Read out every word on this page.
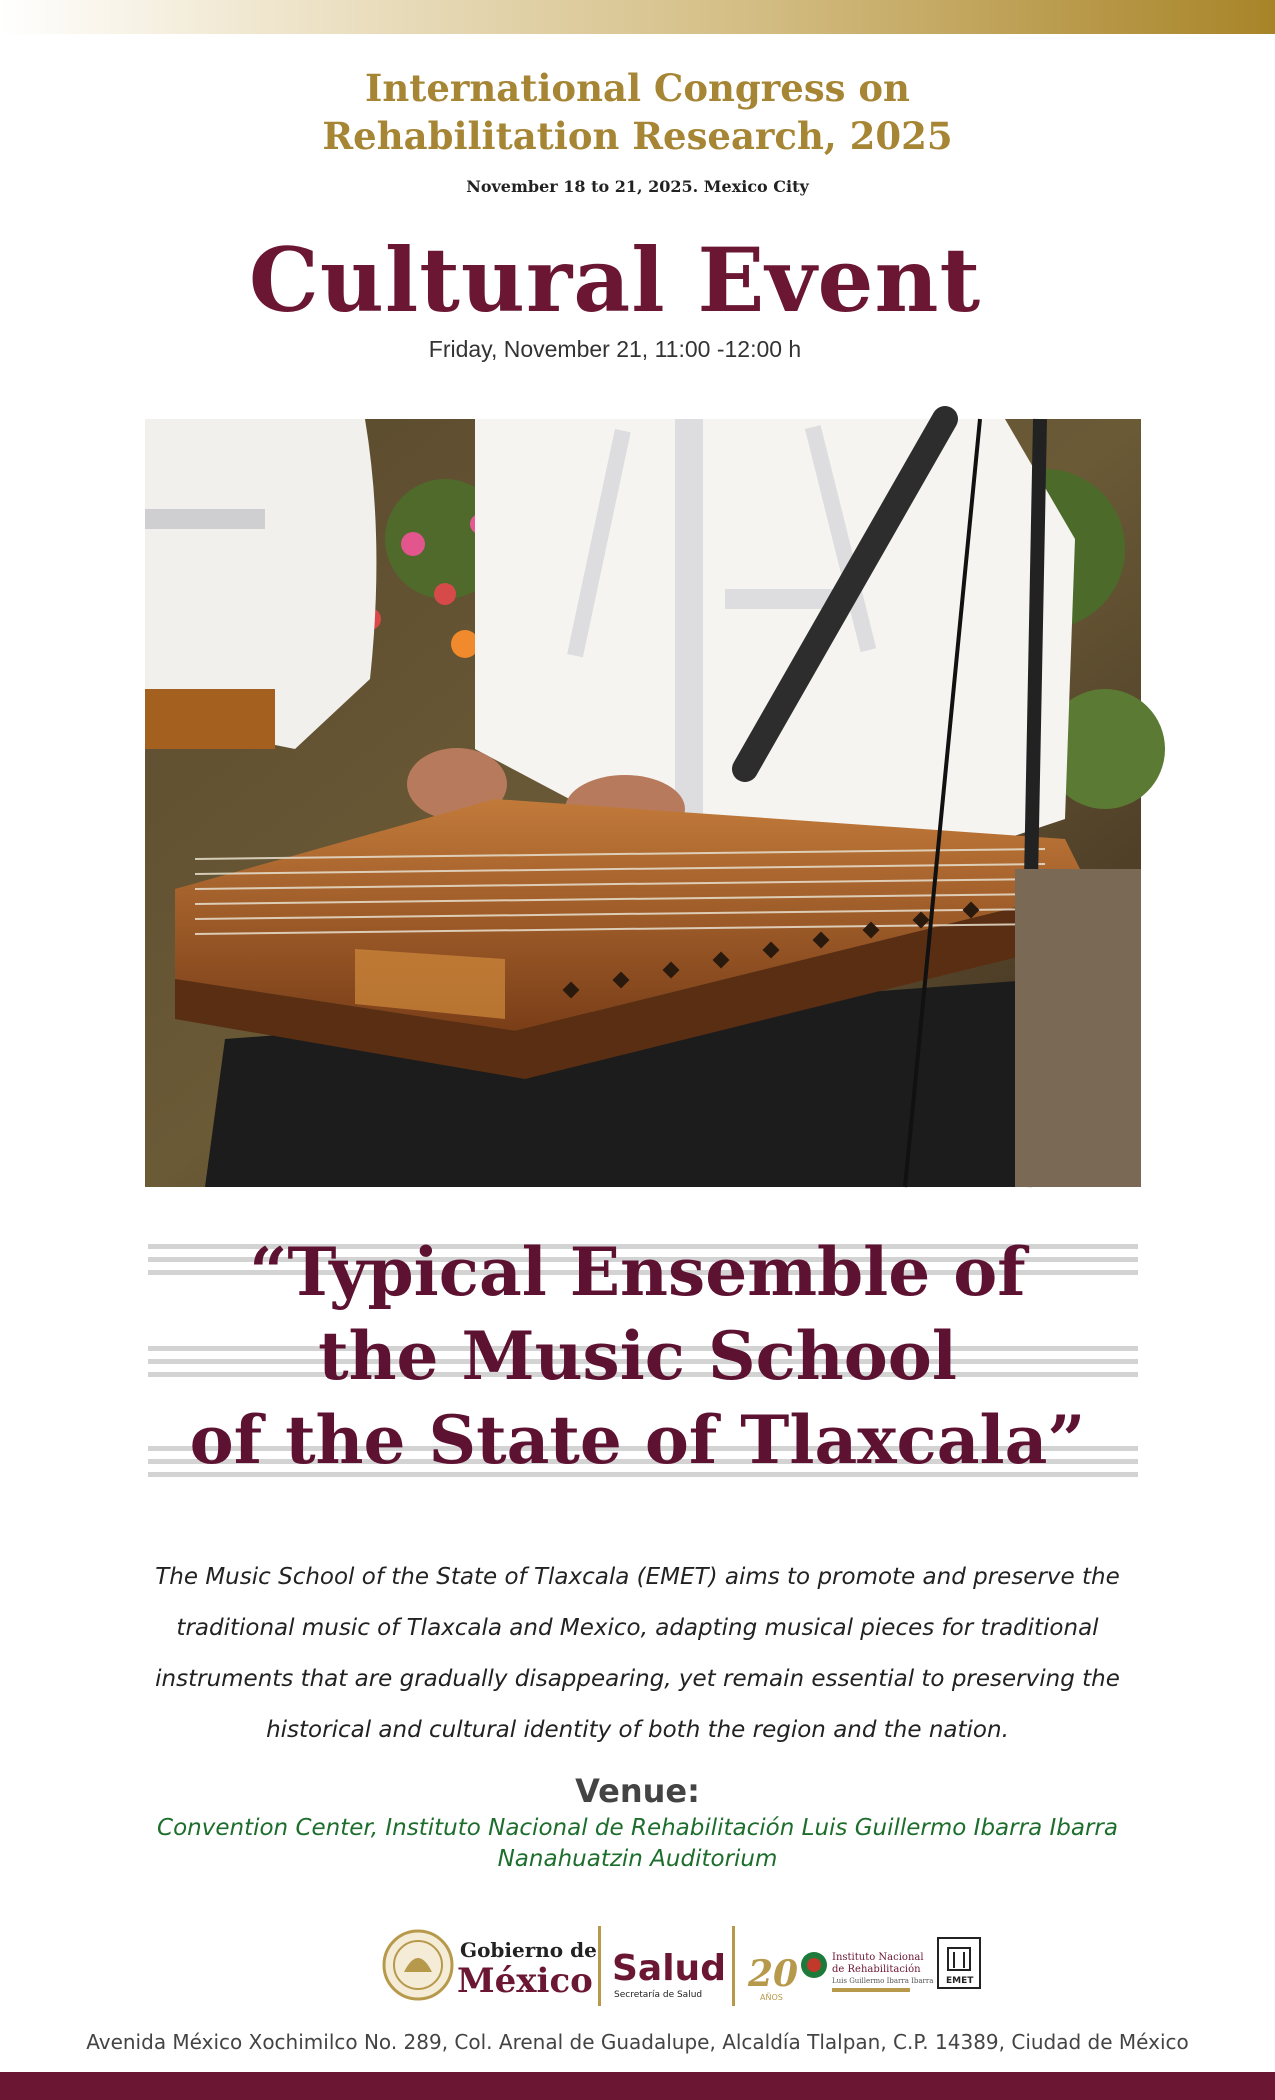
International Congress on
Rehabilitation Research, 2025
November 18 to 21, 2025. Mexico City
Cultural Event
Friday, November 21, 11:00 -12:00 h
Salterio, Tlaxcala Foto Gerardo Dávalos
“Typical Ensemble of
the Music School
of the State of Tlaxcala”
The Music School of the State of Tlaxcala (EMET) aims to promote and preserve the traditional music of Tlaxcala and Mexico, adapting musical pieces for traditional instruments that are gradually disappearing, yet remain essential to preserving the historical and cultural identity of both the region and the nation.
Venue:
Convention Center, Instituto Nacional de Rehabilitación Luis Guillermo Ibarra Ibarra
Nanahuatzin Auditorium
Gobierno de
México Salud
Secretaría de Salud 20
AÑOS
Instituto Nacional
de Rehabilitación
Luis Guillermo Ibarra Ibarra EMET
Avenida México Xochimilco No. 289, Col. Arenal de Guadalupe, Alcaldía Tlalpan, C.P. 14389, Ciudad de México
